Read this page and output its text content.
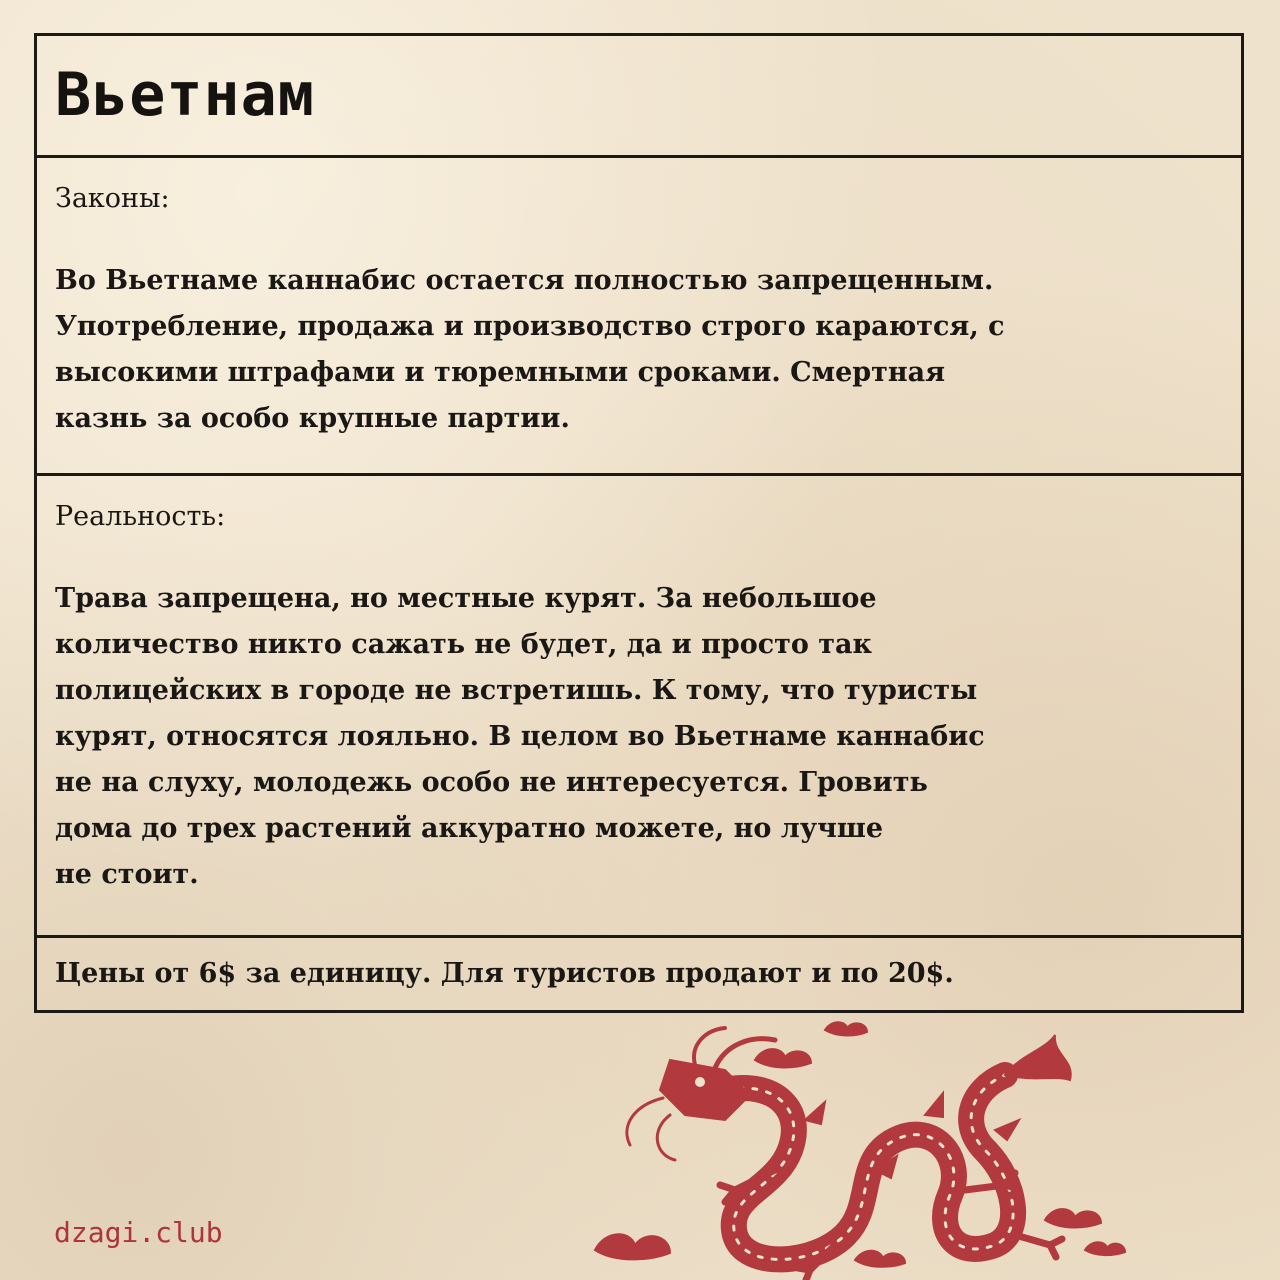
Вьетнам
Законы:
Во Вьетнаме каннабис остается полностью запрещенным.
Употребление, продажа и производство строго караются, с
высокими штрафами и тюремными сроками. Смертная
казнь за особо крупные партии.
Реальность:
Трава запрещена, но местные курят. За небольшое
количество никто сажать не будет, да и просто так
полицейских в городе не встретишь. К тому, что туристы
курят, относятся лояльно. В целом во Вьетнаме каннабис
не на слуху, молодежь особо не интересуется. Гровить
дома до трех растений аккуратно можете, но лучше
не стоит.
Цены от 6$ за единицу. Для туристов продают и по 20$.
dzagi.club
